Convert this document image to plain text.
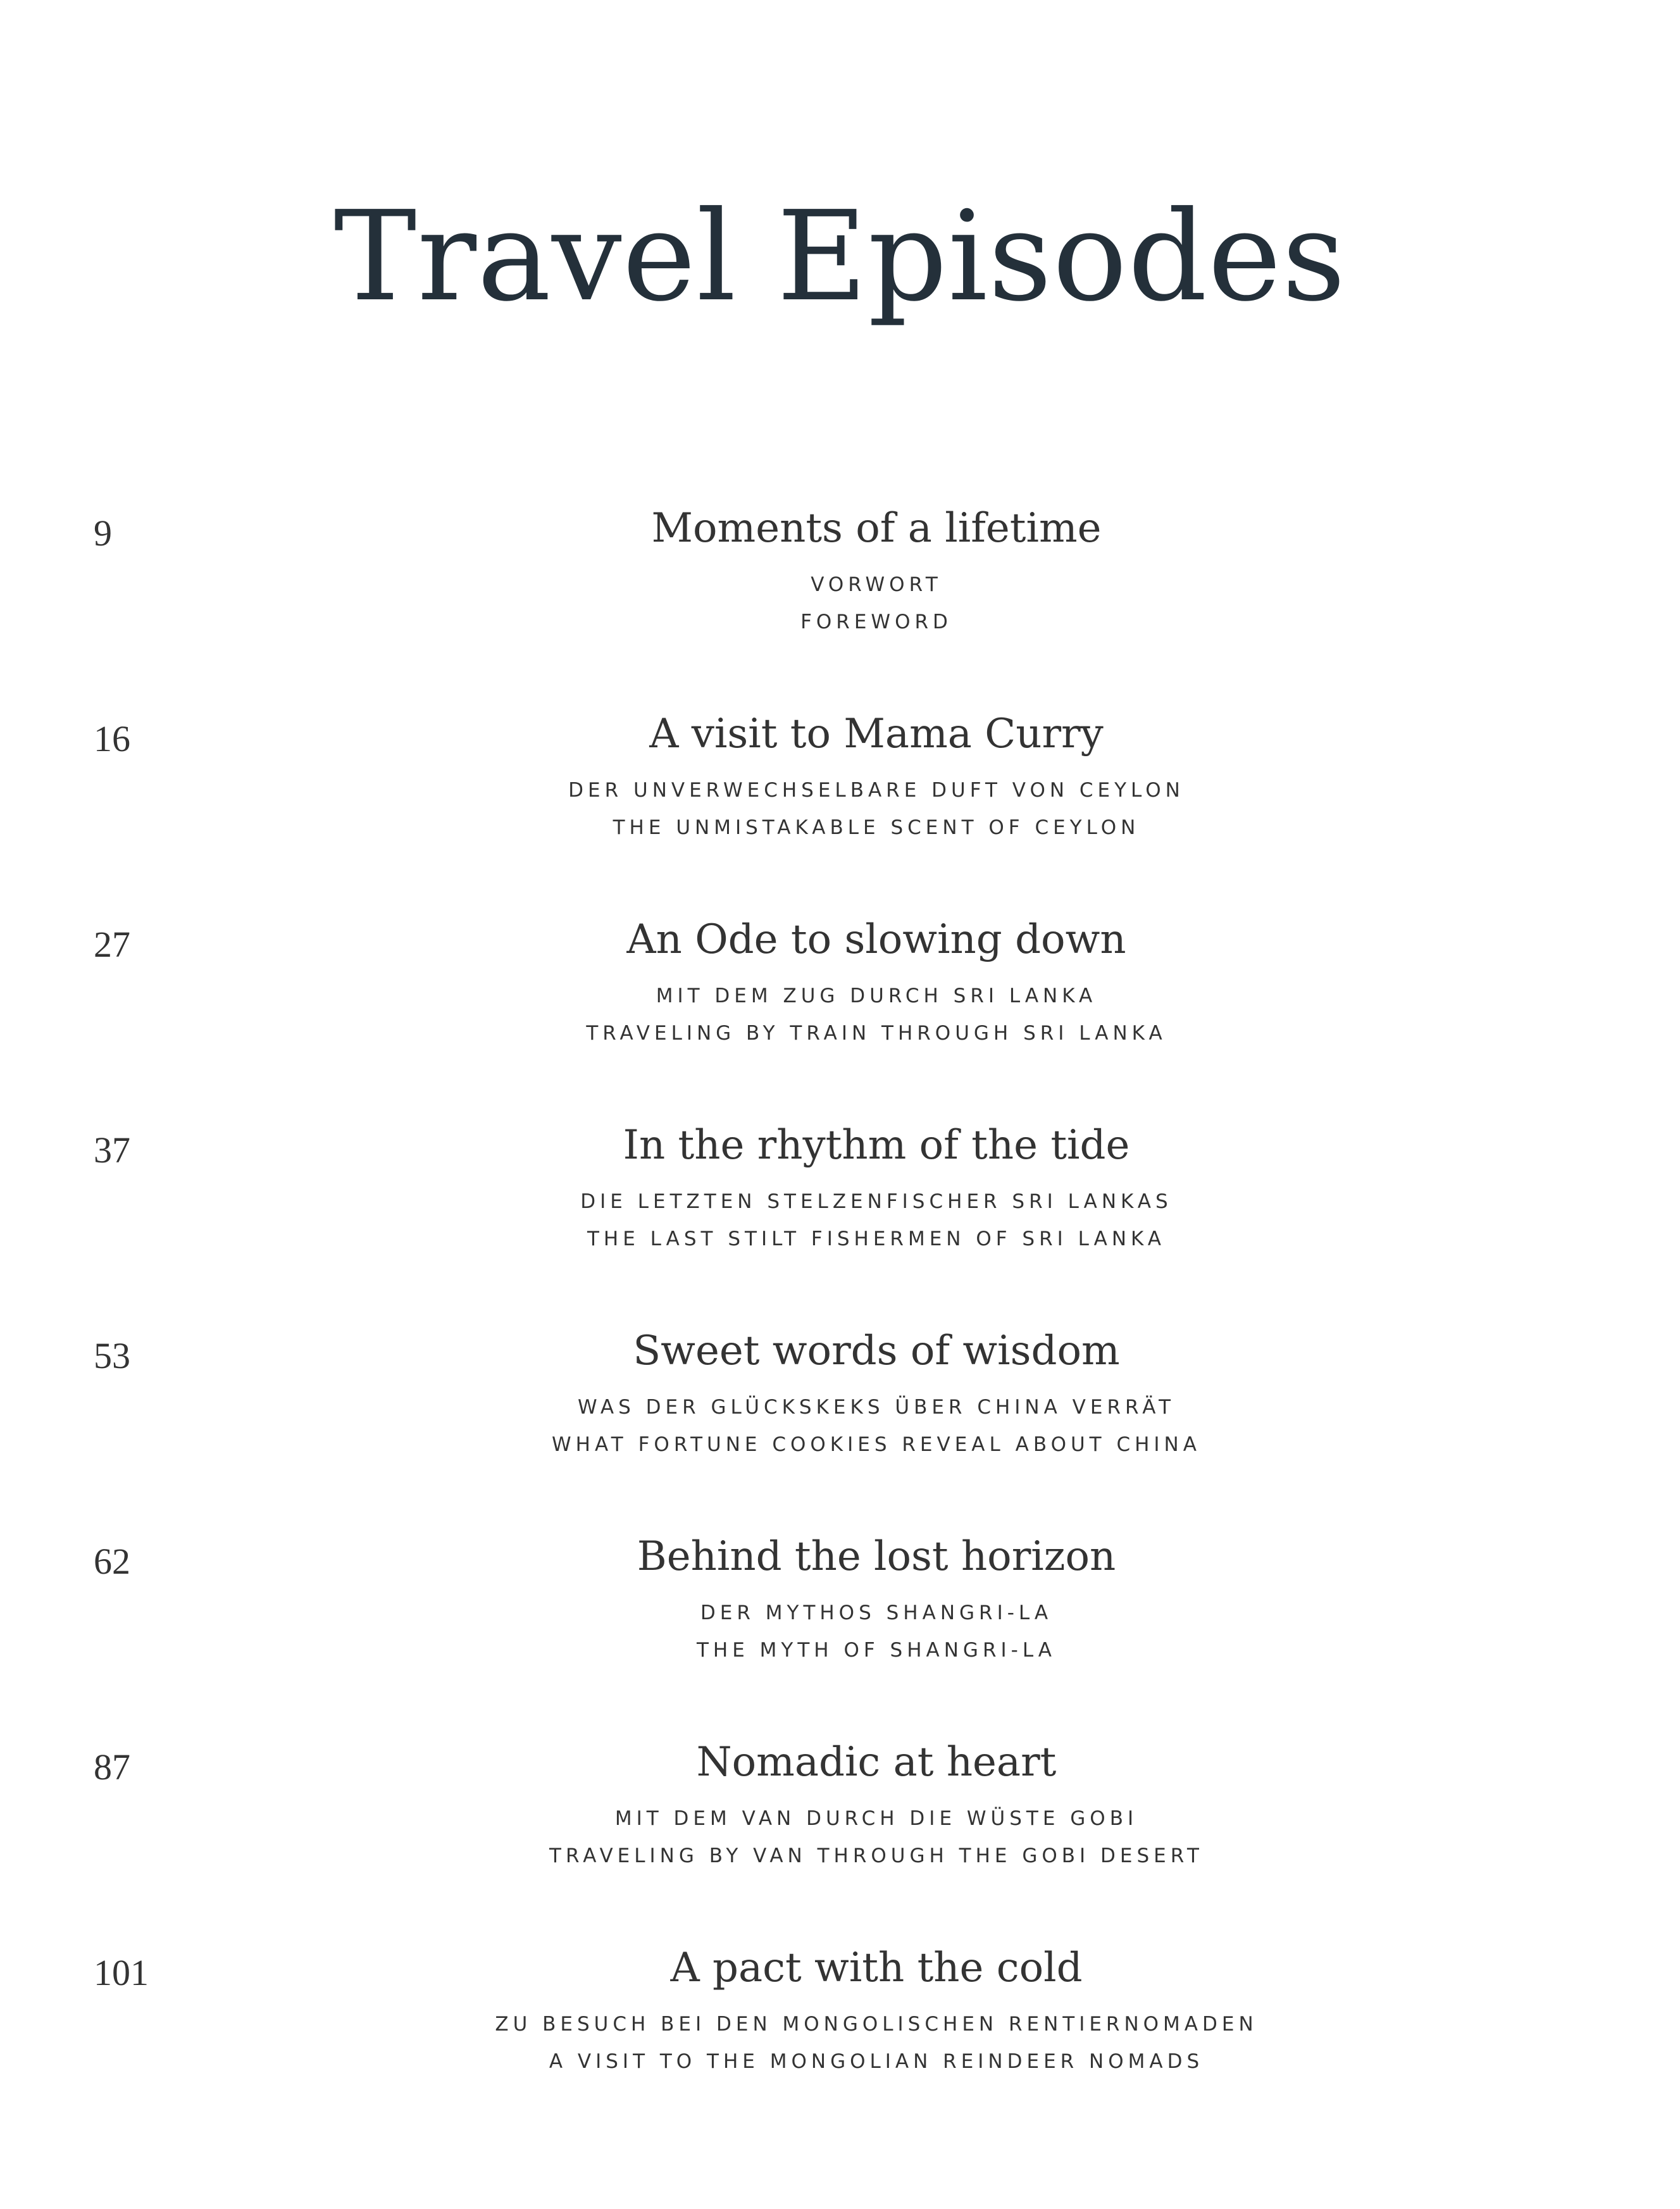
Travel Episodes
9	Moments of a lifetime
VORWORT
FOREWORD
16	A visit to Mama Curry
DER UNVERWECHSELBARE DUFT VON CEYLON
THE UNMISTAKABLE SCENT OF CEYLON
27	An Ode to slowing down
MIT DEM ZUG DURCH SRI LANKA
TRAVELING BY TRAIN THROUGH SRI LANKA
37	In the rhythm of the tide
DIE LETZTEN STELZENFISCHER SRI LANKAS
THE LAST STILT FISHERMEN OF SRI LANKA
53	Sweet words of wisdom
WAS DER GLÜCKSKEKS ÜBER CHINA VERRÄT
WHAT FORTUNE COOKIES REVEAL ABOUT CHINA
62	Behind the lost horizon
DER MYTHOS SHANGRI-LA
THE MYTH OF SHANGRI-LA
87	Nomadic at heart
MIT DEM VAN DURCH DIE WÜSTE GOBI
TRAVELING BY VAN THROUGH THE GOBI DESERT
101	A pact with the cold
ZU BESUCH BEI DEN MONGOLISCHEN RENTIERNOMADEN
A VISIT TO THE MONGOLIAN REINDEER NOMADS
